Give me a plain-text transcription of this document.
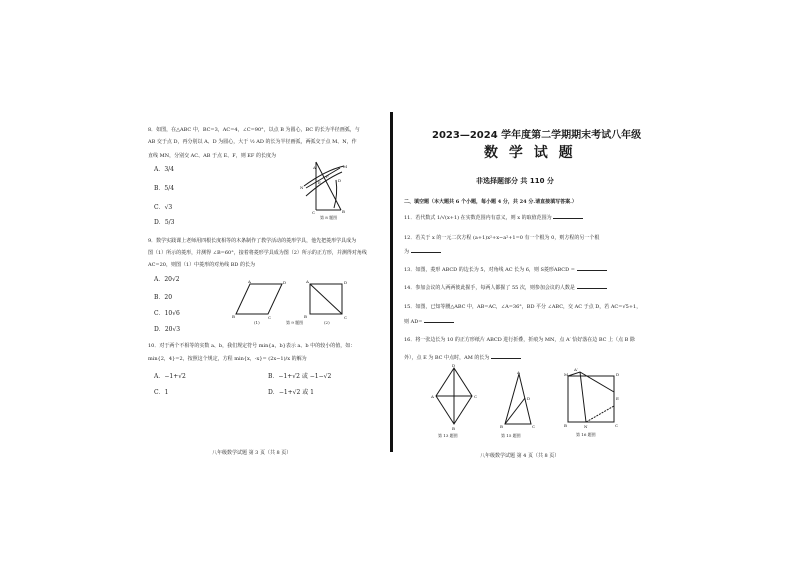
8．如图，在△ABC 中，BC=3，AC=4，∠C=90°，以点 B 为圆心，BC 的长为半径画弧，与
AB 交于点 D，再分别以 A、D 为圆心，大于 ½ AD 的长为半径画弧，两弧交于点 M、N，作
直线 MN，分别交 AC、AB 于点 E、F，则 EF 的长度为
A．3/4
B．5/4
C．√3
D．5/3
A	M
D
N
E
F
B
C
第 8 题图
9．数学实践课上老师用四根长度相等的木条制作了教学活动的菱形学具，他先把菱形学具成为
图（1）所示的菱形，并测得 ∠B=60°，接着将菱形学具成为图（2）所示的正方形，并测得对角线
AC=20，则图（1）中菱形的对角线 BD 的长为
A．20√2
B．20
C．10√6
D．20√3
A	D
B	C
A	D
B	C
(1)	第 9 题图	(2)
10．对于两个不相等的实数 a、b，我们规定符号 min{a，b}表示 a、b 中的较小的值，如：
min{2，4}=2，按照这个规定，方程 min{x，-x}= (2x−1)/x 的解为
A．−1+√2	B．−1+√2 或 −1−√2
C．1	D．−1+√2 或 1
八年级数学试题 第 3 页（共 8 页）
2023—2024 学年度第二学期期末考试八年级
数 学 试 题
非选择题部分 共 110 分
二、填空题（本大题共 6 个小题，每小题 4 分，共 24 分.请直接填写答案.）
11．若代数式 1/√(x+1) 在实数范围内有意义，则 x 的取值范围为
12．若关于 x 的一元二次方程 (a+1)x²+x−a²+1=0 有一个根为 0，则方程的另一个根
为
13．如图，菱形 ABCD 的边长为 5，对角线 AC 长为 6，则 S菱形ABCD =
14．参加会议的人两两彼此握手，每两人都握了 55 次，则参加会议的人数是
15．如图，已知等腰△ABC 中，AB=AC，∠A=36°，BD 平分 ∠ABC，交 AC 于点 D，若 AC=√5+1，
则 AD=
16．将一张边长为 10 的正方形纸片 ABCD 进行折叠，折痕为 MN，点 A′ 恰好落在边 BC 上（点 B 除
外），点 E 为 BC 中点时，AM 的长为
D
A	C
B
第 13 题图
A
D
B	C
第 15 题图
A′
M	D
E
B	N	C
第 16 题图
八年级数学试题 第 4 页（共 8 页）
